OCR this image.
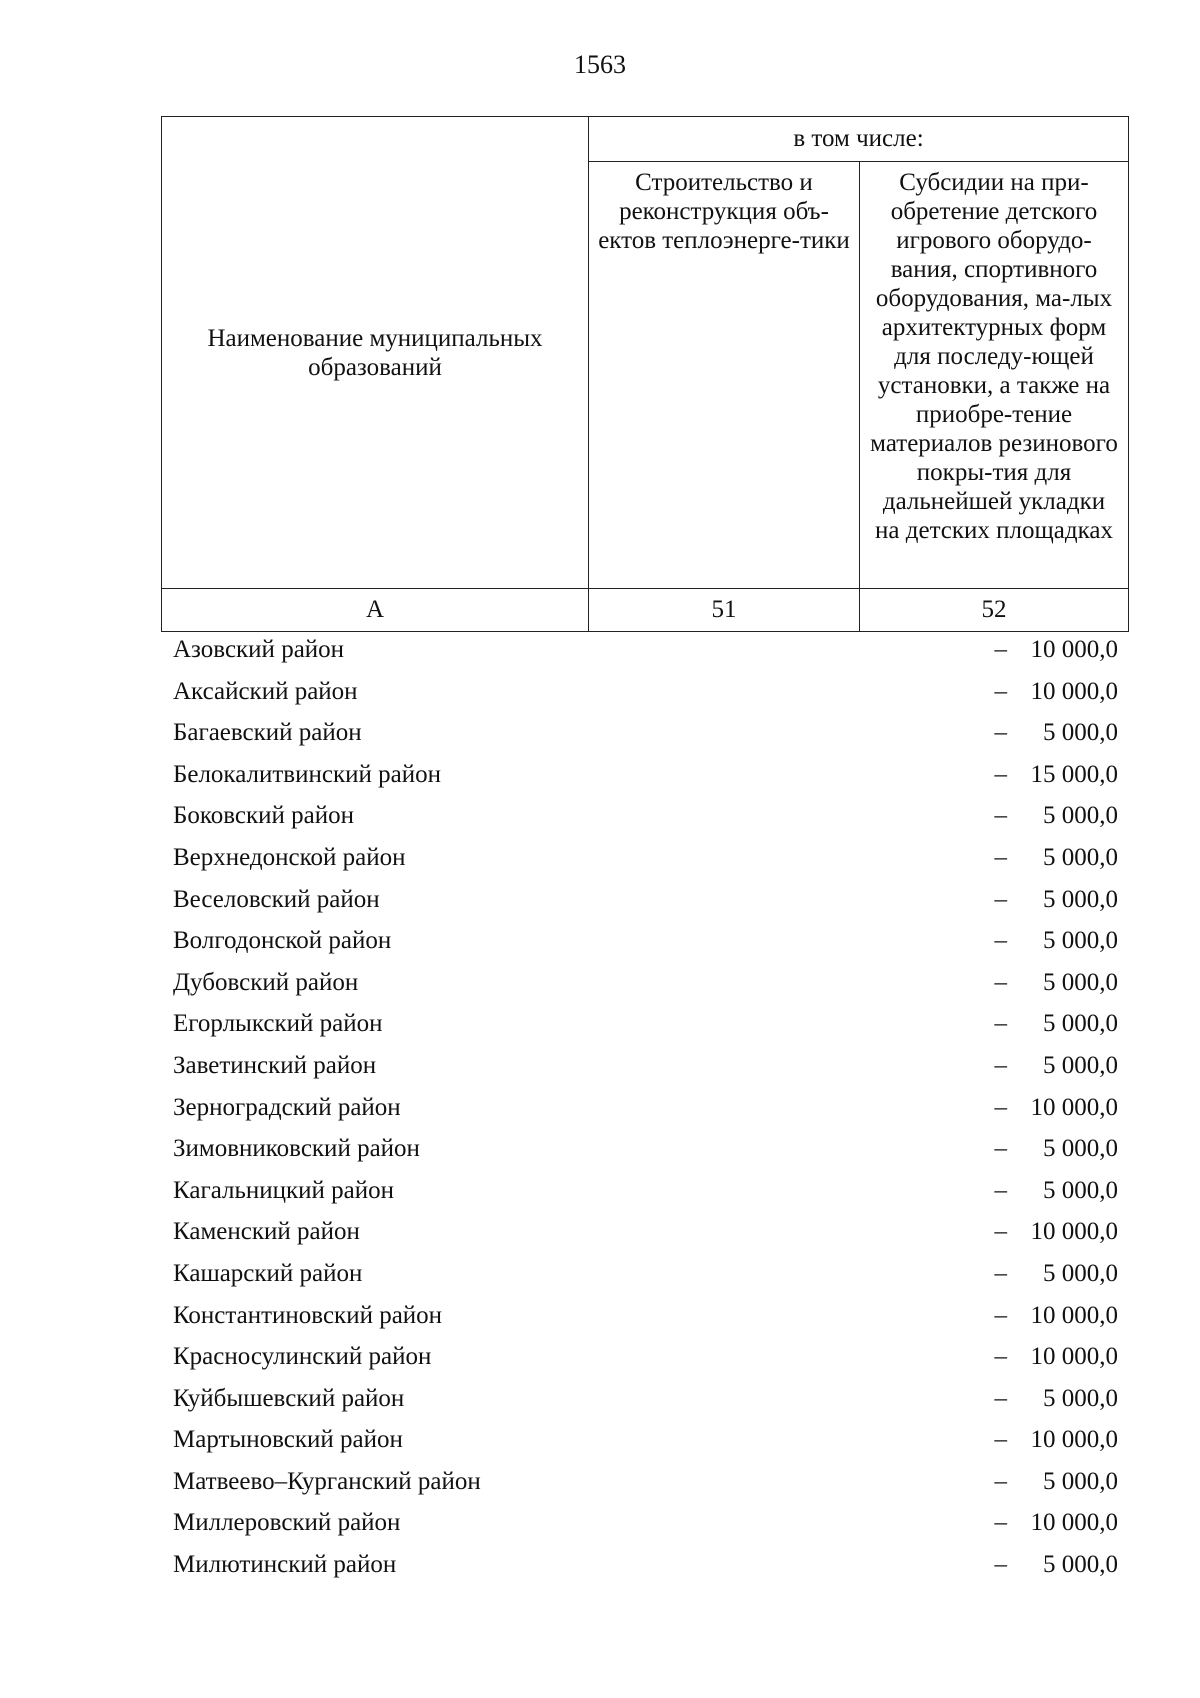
1563
Наименование муниципальных образований	в том числе:	
	Строительство и реконструкция объ-ектов теплоэнерге-тики	Субсидии на при-обретение детского игрового оборудо-вания, спортивного оборудования, ма-лых архитектурных форм для последу-ющей установки, а также на приобре-тение материалов резинового покры-тия для дальнейшей укладки на детских площадках
А	51	52
Азовский район	– 10 000,0
Аксайский район	– 10 000,0
Багаевский район	– 5 000,0
Белокалитвинский район	– 15 000,0
Боковский район	– 5 000,0
Верхнедонской район	– 5 000,0
Веселовский район	– 5 000,0
Волгодонской район	– 5 000,0
Дубовский район	– 5 000,0
Егорлыкский район	– 5 000,0
Заветинский район	– 5 000,0
Зерноградский район	– 10 000,0
Зимовниковский район	– 5 000,0
Кагальницкий район	– 5 000,0
Каменский район	– 10 000,0
Кашарский район	– 5 000,0
Константиновский район	– 10 000,0
Красносулинский район	– 10 000,0
Куйбышевский район	– 5 000,0
Мартыновский район	– 10 000,0
Матвеево–Курганский район	– 5 000,0
Миллеровский район	– 10 000,0
Милютинский район	– 5 000,0
